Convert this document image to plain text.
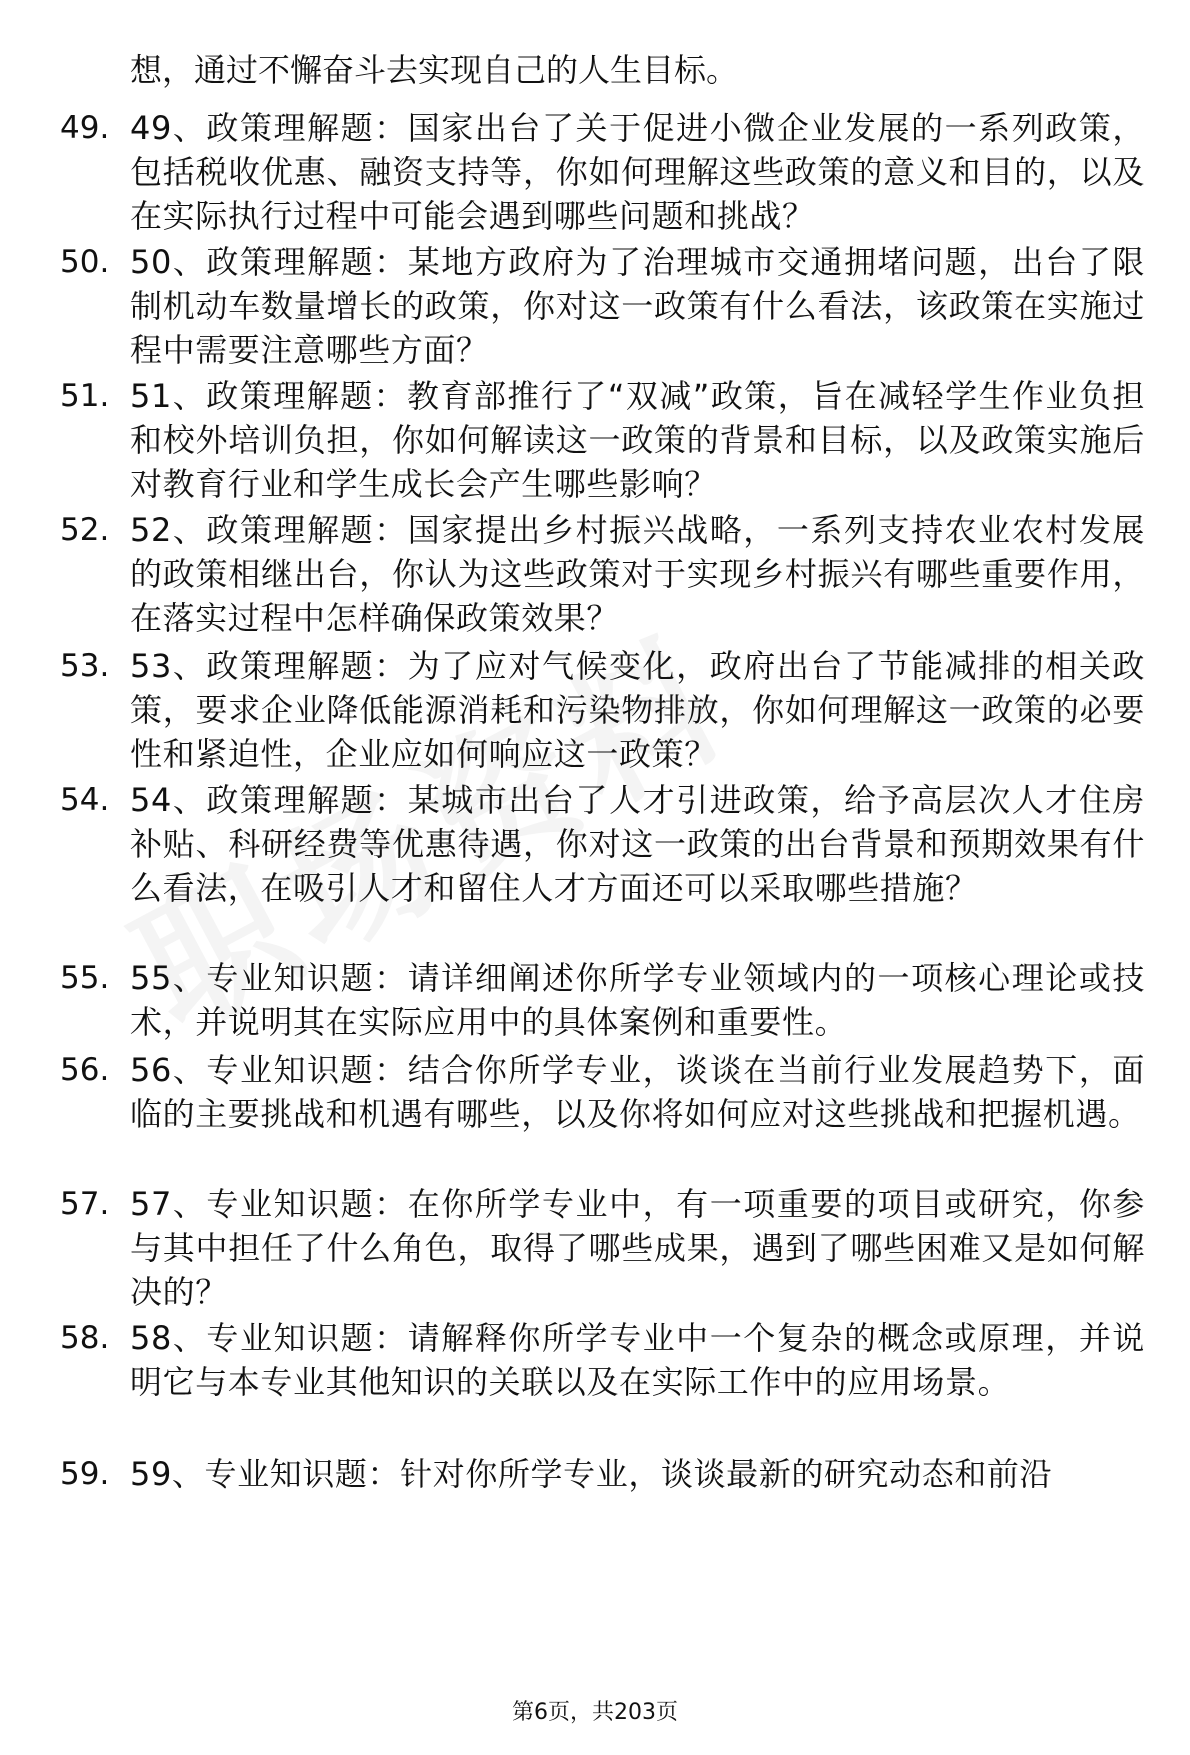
想，通过不懈奋斗去实现自己的人生目标。
49. 49、政策理解题：国家出台了关于促进小微企业发展的一系列政策，包括税收优惠、融资支持等，你如何理解这些政策的意义和目的，以及在实际执行过程中可能会遇到哪些问题和挑战？
50. 50、政策理解题：某地方政府为了治理城市交通拥堵问题，出台了限制机动车数量增长的政策，你对这一政策有什么看法，该政策在实施过程中需要注意哪些方面？
51. 51、政策理解题：教育部推行了“双减”政策，旨在减轻学生作业负担和校外培训负担，你如何解读这一政策的背景和目标，以及政策实施后对教育行业和学生成长会产生哪些影响？
52. 52、政策理解题：国家提出乡村振兴战略，一系列支持农业农村发展的政策相继出台，你认为这些政策对于实现乡村振兴有哪些重要作用，在落实过程中怎样确保政策效果？
53. 53、政策理解题：为了应对气候变化，政府出台了节能减排的相关政策，要求企业降低能源消耗和污染物排放，你如何理解这一政策的必要性和紧迫性，企业应如何响应这一政策？
54. 54、政策理解题：某城市出台了人才引进政策，给予高层次人才住房补贴、科研经费等优惠待遇，你对这一政策的出台背景和预期效果有什么看法，在吸引人才和留住人才方面还可以采取哪些措施？
55. 55、专业知识题：请详细阐述你所学专业领域内的一项核心理论或技术，并说明其在实际应用中的具体案例和重要性。
56. 56、专业知识题：结合你所学专业，谈谈在当前行业发展趋势下，面临的主要挑战和机遇有哪些，以及你将如何应对这些挑战和把握机遇。
57. 57、专业知识题：在你所学专业中，有一项重要的项目或研究，你参与其中担任了什么角色，取得了哪些成果，遇到了哪些困难又是如何解决的？
58. 58、专业知识题：请解释你所学专业中一个复杂的概念或原理，并说明它与本专业其他知识的关联以及在实际工作中的应用场景。
59. 59、专业知识题：针对你所学专业，谈谈最新的研究动态和前沿
第6页，共203页
